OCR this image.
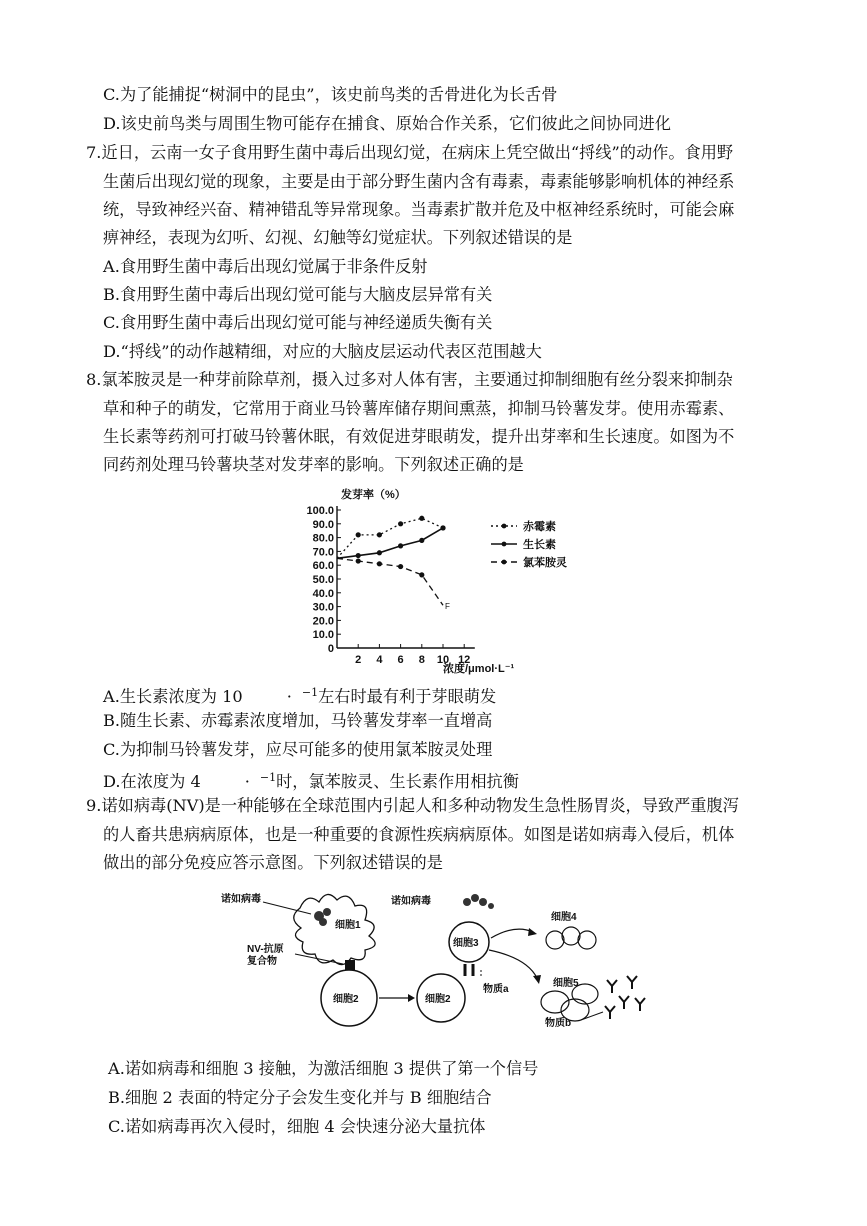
C.为了能捕捉“树洞中的昆虫”，该史前鸟类的舌骨进化为长舌骨
D.该史前鸟类与周围生物可能存在捕食、原始合作关系，它们彼此之间协同进化
7.近日，云南一女子食用野生菌中毒后出现幻觉，在病床上凭空做出“捋线”的动作。食用野
生菌后出现幻觉的现象，主要是由于部分野生菌内含有毒素，毒素能够影响机体的神经系
统，导致神经兴奋、精神错乱等异常现象。当毒素扩散并危及中枢神经系统时，可能会麻
痹神经，表现为幻听、幻视、幻触等幻觉症状。下列叙述错误的是
A.食用野生菌中毒后出现幻觉属于非条件反射
B.食用野生菌中毒后出现幻觉可能与大脑皮层异常有关
C.食用野生菌中毒后出现幻觉可能与神经递质失衡有关
D.“捋线”的动作越精细，对应的大脑皮层运动代表区范围越大
8.氯苯胺灵是一种芽前除草剂，摄入过多对人体有害，主要通过抑制细胞有丝分裂来抑制杂
草和种子的萌发，它常用于商业马铃薯库储存期间熏蒸，抑制马铃薯发芽。使用赤霉素、
生长素等药剂可打破马铃薯休眠，有效促进芽眼萌发，提升出芽率和生长速度。如图为不
同药剂处理马铃薯块茎对发芽率的影响。下列叙述正确的是
0
10.0
20.0
30.0
40.0
50.0
60.0
70.0
80.0
90.0
100.0
2 4 6 8 10 12
发芽率（%）
浓度/μmol·L⁻¹
F
赤霉素
生长素
氯苯胺灵
A.生长素浓度为 10	· $^{-1}$左右时最有利于芽眼萌发
B.随生长素、赤霉素浓度增加，马铃薯发芽率一直增高
C.为抑制马铃薯发芽，应尽可能多的使用氯苯胺灵处理
D.在浓度为 4	· $^{-1}$时，氯苯胺灵、生长素作用相抗衡
9.诺如病毒(NV)是一种能够在全球范围内引起人和多种动物发生急性肠胃炎，导致严重腹泻
的人畜共患病病原体，也是一种重要的食源性疾病病原体。如图是诺如病毒入侵后，机体
做出的部分免疫应答示意图。下列叙述错误的是
细胞1
诺如病毒
NV-抗原
复合物
细胞2	细胞2
诺如病毒
细胞3
物质a
细胞4
细胞5
物质b
A.诺如病毒和细胞 3 接触，为激活细胞 3 提供了第一个信号
B.细胞 2 表面的特定分子会发生变化并与 B 细胞结合
C.诺如病毒再次入侵时，细胞 4 会快速分泌大量抗体
